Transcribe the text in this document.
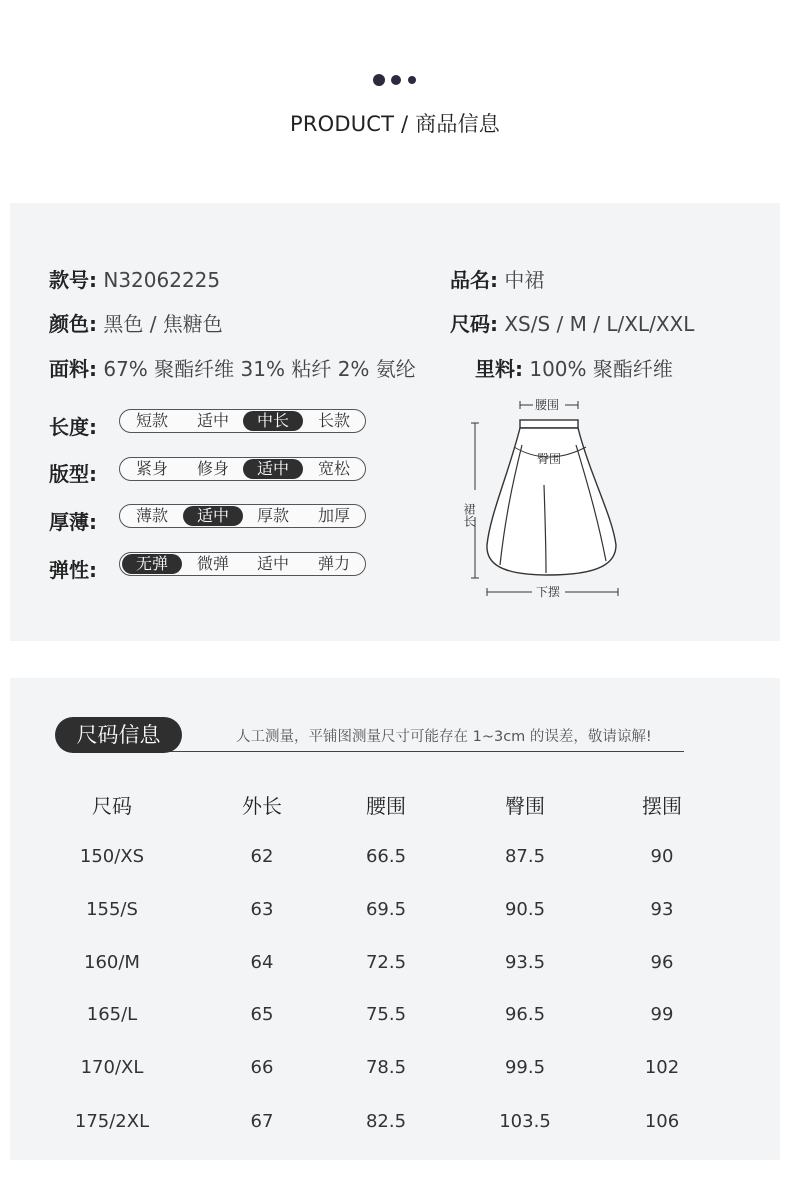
PRODUCT / 商品信息
款号: N32062225	品名: 中裙
颜色: 黑色 / 焦糖色	尺码: XS/S / M / L/XL/XXL
面料: 67% 聚酯纤维 31% 粘纤 2% 氨纶	里料: 100% 聚酯纤维
长度:	短款	适中	中长	长款
版型:	紧身	修身	适中	宽松
厚薄:	薄款	适中	厚款	加厚
弹性:	无弹	微弹	适中	弹力
腰围
臀围
裙长
下摆
尺码信息	人工测量，平铺图测量尺寸可能存在 1~3cm 的误差，敬请谅解!
尺码	外长	腰围	臀围	摆围
150/XS	62	66.5	87.5	90
155/S	63	69.5	90.5	93
160/M	64	72.5	93.5	96
165/L	65	75.5	96.5	99
170/XL	66	78.5	99.5	102
175/2XL	67	82.5	103.5	106
